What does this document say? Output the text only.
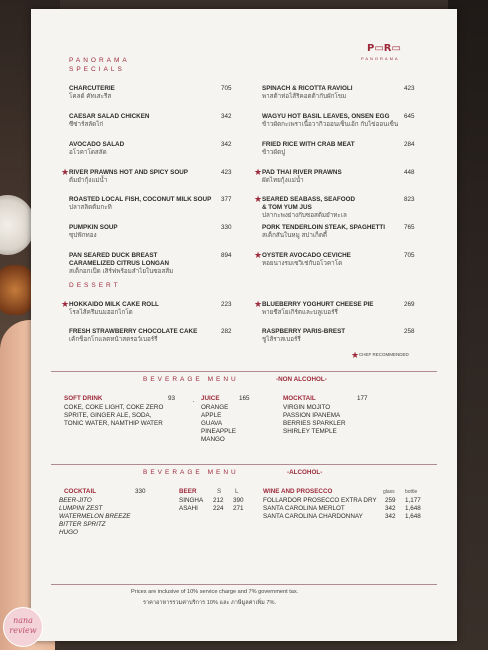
P▭R▭
PANORAMA
PANORAMA
SPECIALS
CHARCUTERIE
โคลด์ คัทเสะรีส
705
CAESAR SALAD CHICKEN
ซีซ่าร์สลัดไก่
342
AVOCADO SALAD
อโวคาโดสลัด
342
★ RIVER PRAWNS HOT AND SPICY SOUP
ต้มยำกุ้งแม่น้ำ
423
ROASTED LOCAL FISH, COCONUT MILK SOUP
ปลาสลิดต้มกะทิ
377
PUMPKIN SOUP
ซุปฟักทอง
330
PAN SEARED DUCK BREAST
CARAMELIZED CITRUS LONGAN
สเต็กอกเป็ด เสิร์ฟพร้อมลำไยในซอสส้ม
894
SPINACH & RICOTTA RAVIOLI
พาสต้าห่อไส้ริคอตต้ากับผักโขม
423
WAGYU HOT BASIL LEAVES, ONSEN EGG
ข้าวผัดกะเพราเนื้อวากิวออนเซ็นเอ้ก กับไข่ออนเซ็น
645
FRIED RICE WITH CRAB MEAT
ข้าวผัดปู
284
★ PAD THAI RIVER PRAWNS
ผัดไทยกุ้งแม่น้ำ
448
★ SEARED SEABASS, SEAFOOD
& TOM YUM JUS
ปลากะพงย่างกับซอสต้มยำทะเล
823
PORK TENDERLOIN STEAK, SPAGHETTI
สเต็กสันในหมู สปาเก็ตตี้
765
★ OYSTER AVOCADO CEVICHE
หอยนางรมเซวิเช่กับอโวคาโด
705
DESSERT
★ HOKKAIDO MILK CAKE ROLL
โรลไส้ครีมนมฮอกไกโด
223
FRESH STRAWBERRY CHOCOLATE CAKE
เค้กช็อกโกแลตหน้าสตรอว์เบอร์รี่
282
★ BLUEBERRY YOGHURT CHEESE PIE
พายชีสโยเกิร์ตและบลูเบอร์รี่
269
RASPBERRY PARIS-BREST
ชูไส้ราสเบอร์รี่
258
★ CHEF RECOMMENDED
BEVERAGE MENU	-NON ALCOHOL-
SOFT DRINK	93
COKE, COKE LIGHT, COKE ZERO
SPRITE, GINGER ALE, SODA,
TONIC WATER, NAMTHIP WATER
JUICE	165
ORANGE
APPLE
GUAVA
PINEAPPLE
MANGO
MOCKTAIL	177
VIRGIN MOJITO
PASSION IPANEMA
BERRIES SPARKLER
SHIRLEY TEMPLE
BEVERAGE MENU	-ALCOHOL-
COCKTAIL	330
BEER-JITO
LUMPINI ZEST
WATERMELON BREEZE
BITTER SPRITZ
HUGO
BEER	S L
SINGHA 212 390
ASAHI 224 271
WINE AND PROSECCO	glass bottle
FOLLARDOR PROSECCO EXTRA DRY 259 1,177
SANTA CAROLINA MERLOT	342 1,648
SANTA CAROLINA CHARDONNAY	342 1,648
Prices are inclusive of 10% service charge and 7% government tax.
ราคาอาหารรวมค่าบริการ 10% และ ภาษีมูลค่าเพิ่ม 7%.
nana
review
